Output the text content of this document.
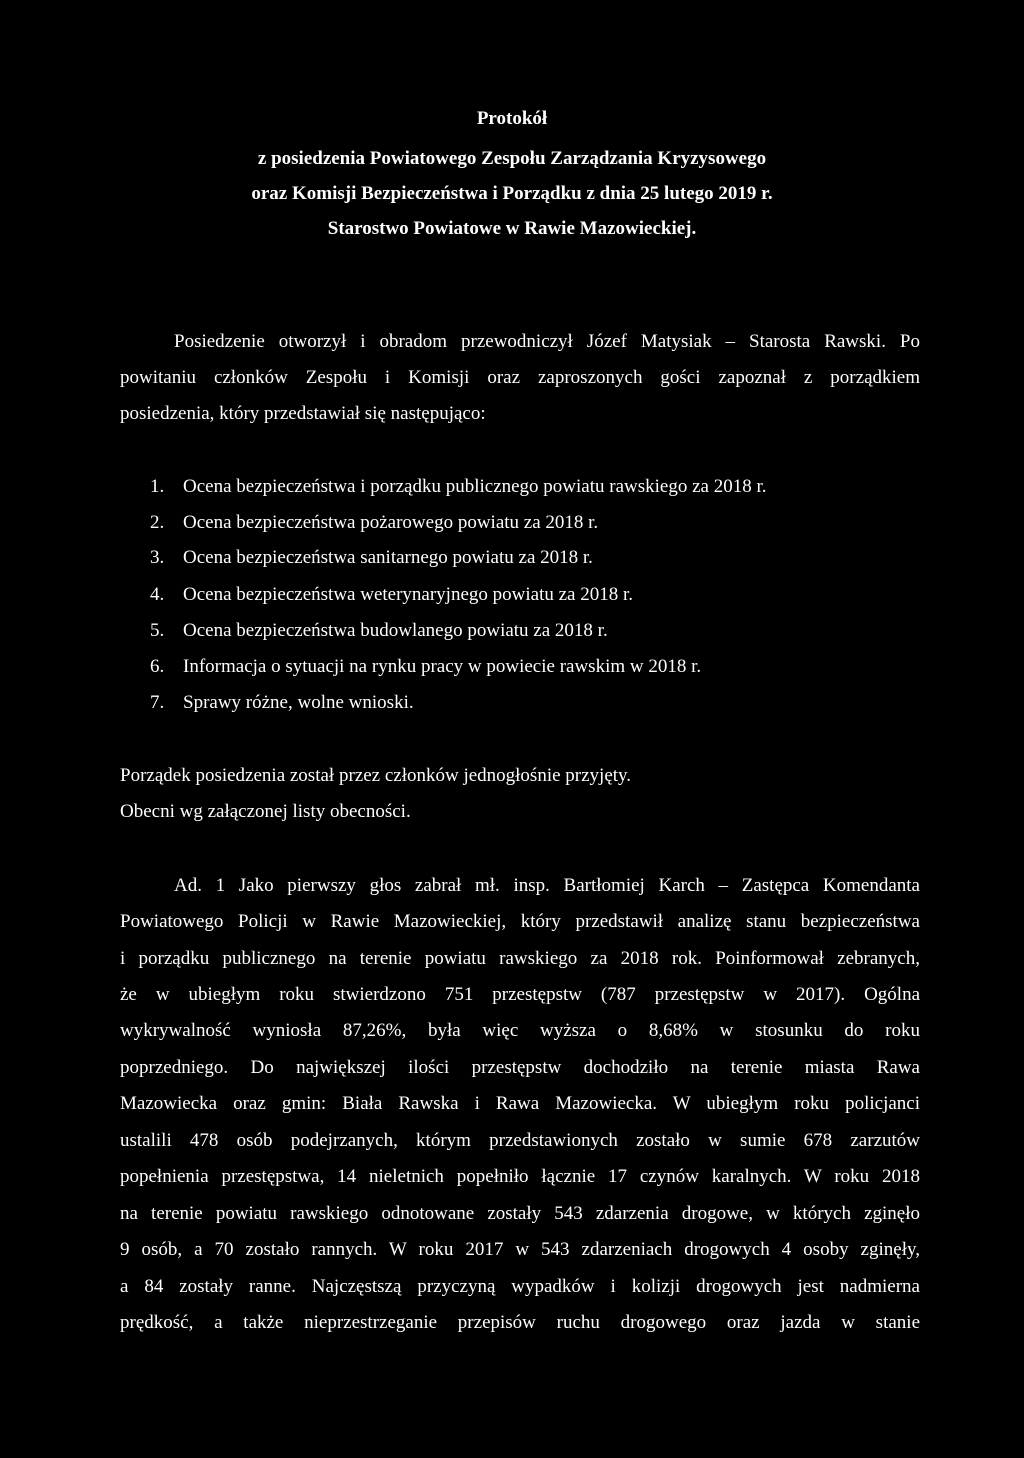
Protokół
z posiedzenia Powiatowego Zespołu Zarządzania Kryzysowego
oraz Komisji Bezpieczeństwa i Porządku z dnia 25 lutego 2019 r.
Starostwo Powiatowe w Rawie Mazowieckiej.
Posiedzenie otworzył i obradom przewodniczył Józef Matysiak – Starosta Rawski. Po
powitaniu członków Zespołu i Komisji oraz zaproszonych gości zapoznał z porządkiem
posiedzenia, który przedstawiał się następująco:
1. Ocena bezpieczeństwa i porządku publicznego powiatu rawskiego za 2018 r.
2. Ocena bezpieczeństwa pożarowego powiatu za 2018 r.
3. Ocena bezpieczeństwa sanitarnego powiatu za 2018 r.
4. Ocena bezpieczeństwa weterynaryjnego powiatu za 2018 r.
5. Ocena bezpieczeństwa budowlanego powiatu za 2018 r.
6. Informacja o sytuacji na rynku pracy w powiecie rawskim w 2018 r.
7. Sprawy różne, wolne wnioski.
Porządek posiedzenia został przez członków jednogłośnie przyjęty.
Obecni wg załączonej listy obecności.
Ad. 1 Jako pierwszy głos zabrał mł. insp. Bartłomiej Karch – Zastępca Komendanta
Powiatowego Policji w Rawie Mazowieckiej, który przedstawił analizę stanu bezpieczeństwa
i porządku publicznego na terenie powiatu rawskiego za 2018 rok. Poinformował zebranych,
że w ubiegłym roku stwierdzono 751 przestępstw (787 przestępstw w 2017). Ogólna
wykrywalność wyniosła 87,26%, była więc wyższa o 8,68% w stosunku do roku
poprzedniego. Do największej ilości przestępstw dochodziło na terenie miasta Rawa
Mazowiecka oraz gmin: Biała Rawska i Rawa Mazowiecka. W ubiegłym roku policjanci
ustalili 478 osób podejrzanych, którym przedstawionych zostało w sumie 678 zarzutów
popełnienia przestępstwa, 14 nieletnich popełniło łącznie 17 czynów karalnych. W roku 2018
na terenie powiatu rawskiego odnotowane zostały 543 zdarzenia drogowe, w których zginęło
9 osób, a 70 zostało rannych. W roku 2017 w 543 zdarzeniach drogowych 4 osoby zginęły,
a 84 zostały ranne. Najczęstszą przyczyną wypadków i kolizji drogowych jest nadmierna
prędkość, a także nieprzestrzeganie przepisów ruchu drogowego oraz jazda w stanie
